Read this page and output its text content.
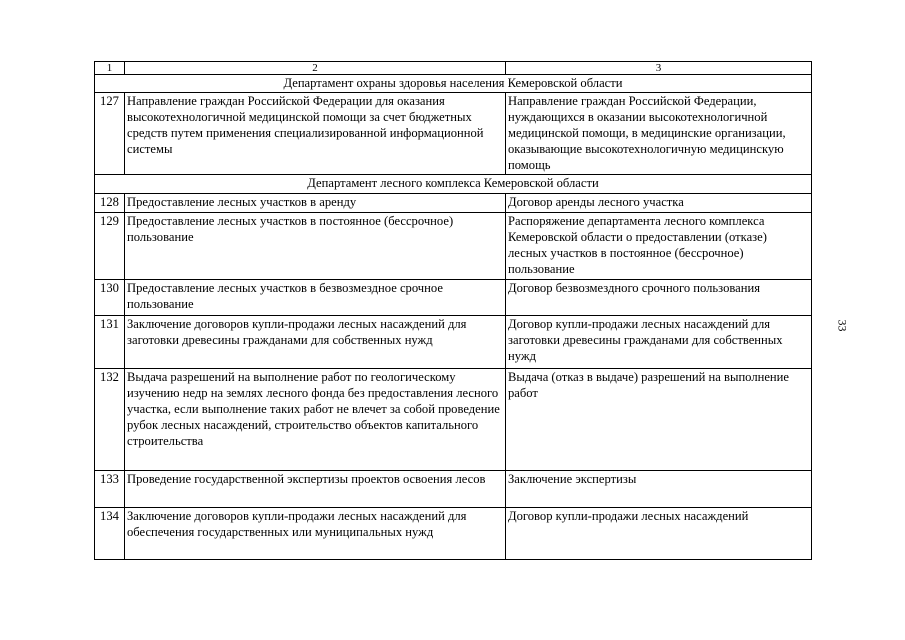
1	2	3
Департамент охраны здоровья населения Кемеровской области		
127	Направление граждан Российской Федерации для оказания высокотехнологичной медицинской помощи за счет бюджетных средств путем применения специализированной информационной системы	Направление граждан Российской Федерации, нуждающихся в оказании высокотехнологичной медицинской помощи, в медицинские организации, оказывающие высокотехнологичную медицинскую помощь
Департамент лесного комплекса Кемеровской области		
128	Предоставление лесных участков в аренду	Договор аренды лесного участка
129	Предоставление лесных участков в постоянное (бессрочное) пользование	Распоряжение департамента лесного комплекса Кемеровской области о предоставлении (отказе) лесных участков в постоянное (бессрочное) пользование
130	Предоставление лесных участков в безвозмездное срочное пользование	Договор безвозмездного срочного пользования
131	Заключение договоров купли-продажи лесных насаждений для заготовки древесины гражданами для собственных нужд	Договор купли-продажи лесных насаждений для заготовки древесины гражданами для собственных нужд
132	Выдача разрешений на выполнение работ по геологическому изучению недр на землях лесного фонда без предоставления лесного участка, если выполнение таких работ не влечет за собой проведение рубок лесных насаждений, строительство объектов капитального строительства	Выдача (отказ в выдаче) разрешений на выполнение работ
133	Проведение государственной экспертизы проектов освоения лесов	Заключение экспертизы
134	Заключение договоров купли-продажи лесных насаждений для обеспечения государственных или муниципальных нужд	Договор купли-продажи лесных насаждений
33
